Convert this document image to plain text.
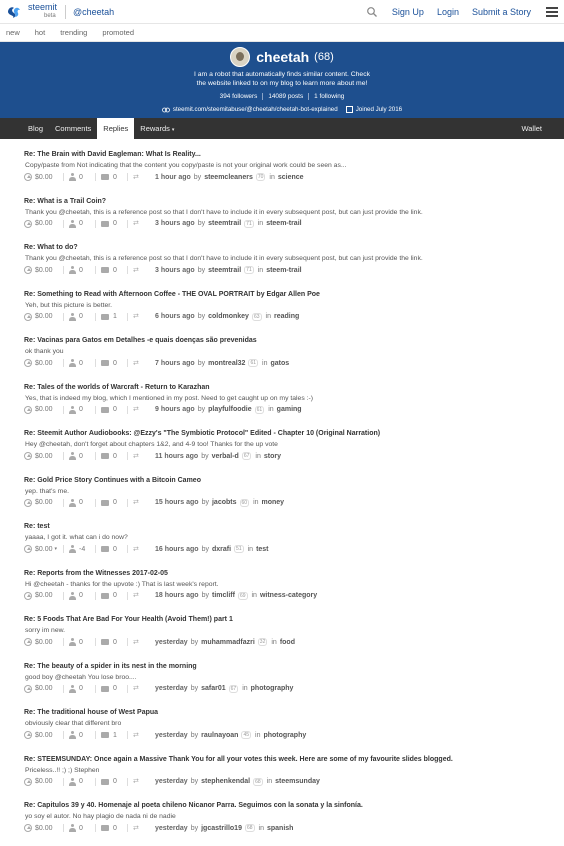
steemit
beta @cheetah	Sign Up Login Submit a Story
new hot trending promoted
cheetah (68)
I am a robot that automatically finds similar content. Check
the website linked to on my blog to learn more about me!
394 followers	14089 posts	1 following
steemit.com/steemitabuse/@cheetah/cheetah-bot-explained	Joined July 2016
Blog	Comments	Replies	Rewards ▾	Wallet
Re: The Brain with David Eagleman: What Is Reality...
Copy/paste from Not indicating that the content you copy/paste is not your original work could be seen as...
$0.00	0	0 ⇄	1 hour ago by steemcleaners	70 in science
Re: What is a Trail Coin?
Thank you @cheetah, this is a reference post so that I don't have to include it in every subsequent post, but can just provide the link.
$0.00	0	0 ⇄	3 hours ago by steemtrail	71 in steem-trail
Re: What to do?
Thank you @cheetah, this is a reference post so that I don't have to include it in every subsequent post, but can just provide the link.
$0.00	0	0 ⇄	3 hours ago by steemtrail	71 in steem-trail
Re: Something to Read with Afternoon Coffee - THE OVAL PORTRAIT by Edgar Allen Poe
Yeh, but this picture is better.
$0.00	0	1 ⇄	6 hours ago by coldmonkey	63 in reading
Re: Vacinas para Gatos em Detalhes -e quais doenças são prevenidas
ok thank you
$0.00	0	0 ⇄	7 hours ago by montreal32	61 in gatos
Re: Tales of the worlds of Warcraft - Return to Karazhan
Yes, that is indeed my blog, which I mentioned in my post. Need to get caught up on my tales :-)
$0.00	0	0 ⇄	9 hours ago by playfulfoodie	61 in gaming
Re: Steemit Author Audiobooks: @Ezzy's "The Symbiotic Protocol" Edited - Chapter 10 (Original Narration)
Hey @cheetah, don't forget about chapters 1&2, and 4-9 too! Thanks for the up vote
$0.00	0	0 ⇄	11 hours ago by verbal-d	67 in story
Re: Gold Price Story Continues with a Bitcoin Cameo
yep. that's me.
$0.00	0	0 ⇄	15 hours ago by jacobts	60 in money
Re: test
yaaaa, I got it. what can i do now?
$0.00 ▾	-4	0 ⇄	16 hours ago by dxrafi	51 in test
Re: Reports from the Witnesses 2017-02-05
Hi @cheetah - thanks for the upvote :) That is last week's report.
$0.00	0	0 ⇄	18 hours ago by timcliff	69 in witness-category
Re: 5 Foods That Are Bad For Your Health (Avoid Them!) part 1
sorry im new.
$0.00	0	0 ⇄	yesterday by muhammadfazri	32 in food
Re: The beauty of a spider in its nest in the morning
good boy @cheetah You lose broo....
$0.00	0	0 ⇄	yesterday by safar01	67 in photography
Re: The traditional house of West Papua
obviously clear that different bro
$0.00	0	1 ⇄	yesterday by raulnayoan	45 in photography
Re: STEEMSUNDAY: Once again a Massive Thank You for all your votes this week. Here are some of my favourite slides blogged.
Priceless..!! ;) ;) Stephen
$0.00	0	0 ⇄	yesterday by stephenkendal	68 in steemsunday
Re: Capitulos 39 y 40. Homenaje al poeta chileno Nicanor Parra. Seguimos con la sonata y la sinfonía.
yo soy el autor. No hay plagio de nada ni de nadie
$0.00	0	0 ⇄	yesterday by jgcastrillo19	68 in spanish
